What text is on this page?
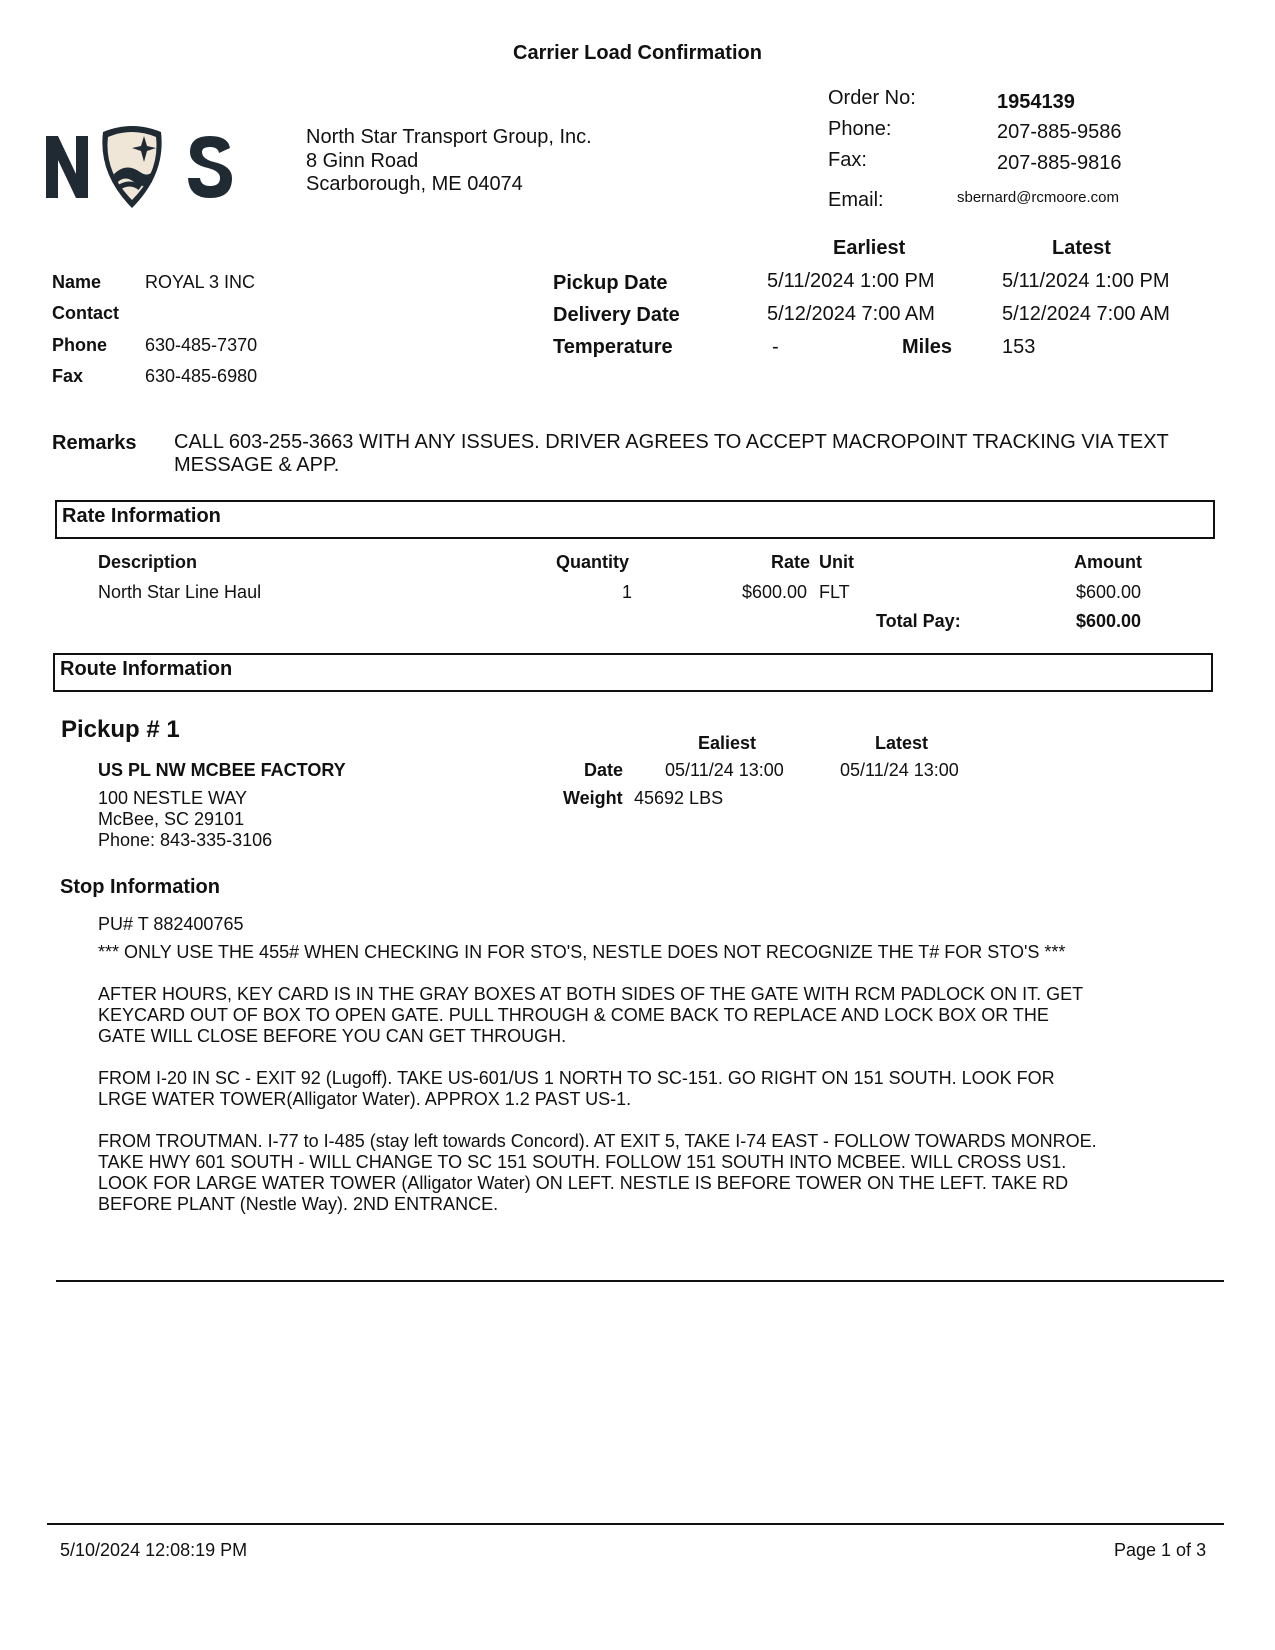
Carrier Load Confirmation
North Star Transport Group, Inc.
8 Ginn Road
Scarborough, ME 04074
Order No:	1954139
Phone:	207-885-9586
Fax:	207-885-9816
Email:	sbernard@rcmoore.com
Earliest	Latest
Name ROYAL 3 INC
Contact
Phone 630-485-7370
Fax	630-485-6980
Pickup Date	5/11/2024 1:00 PM	5/11/2024 1:00 PM
Delivery Date	5/12/2024 7:00 AM	5/12/2024 7:00 AM
Temperature	-	Miles 153
Remarks CALL 603-255-3663 WITH ANY ISSUES. DRIVER AGREES TO ACCEPT MACROPOINT TRACKING VIA TEXT MESSAGE & APP.
Rate Information
Description	Quantity	Rate Unit	Amount
North Star Line Haul	1	$600.00 FLT	$600.00
Total Pay:	$600.00
Route Information
Pickup # 1	Ealiest	Latest
US PL NW MCBEE FACTORY	Date 05/11/24 13:00	05/11/24 13:00
100 NESTLE WAY	Weight 45692 LBS
McBee, SC 29101
Phone: 843-335-3106
Stop Information
PU# T 882400765

*** ONLY USE THE 455# WHEN CHECKING IN FOR STO'S, NESTLE DOES NOT RECOGNIZE THE T# FOR STO'S ***

AFTER HOURS, KEY CARD IS IN THE GRAY BOXES AT BOTH SIDES OF THE GATE WITH RCM PADLOCK ON IT. GET KEYCARD OUT OF BOX TO OPEN GATE. PULL THROUGH & COME BACK TO REPLACE AND LOCK BOX OR THE GATE WILL CLOSE BEFORE YOU CAN GET THROUGH.

FROM I-20 IN SC - EXIT 92 (Lugoff). TAKE US-601/US 1 NORTH TO SC-151. GO RIGHT ON 151 SOUTH. LOOK FOR LRGE WATER TOWER(Alligator Water). APPROX 1.2 PAST US-1.

FROM TROUTMAN. I-77 to I-485 (stay left towards Concord). AT EXIT 5, TAKE I-74 EAST - FOLLOW TOWARDS MONROE. TAKE HWY 601 SOUTH - WILL CHANGE TO SC 151 SOUTH. FOLLOW 151 SOUTH INTO MCBEE. WILL CROSS US1. LOOK FOR LARGE WATER TOWER (Alligator Water) ON LEFT. NESTLE IS BEFORE TOWER ON THE LEFT. TAKE RD BEFORE PLANT (Nestle Way). 2ND ENTRANCE.

5/10/2024 12:08:19 PM	Page 1 of 3
